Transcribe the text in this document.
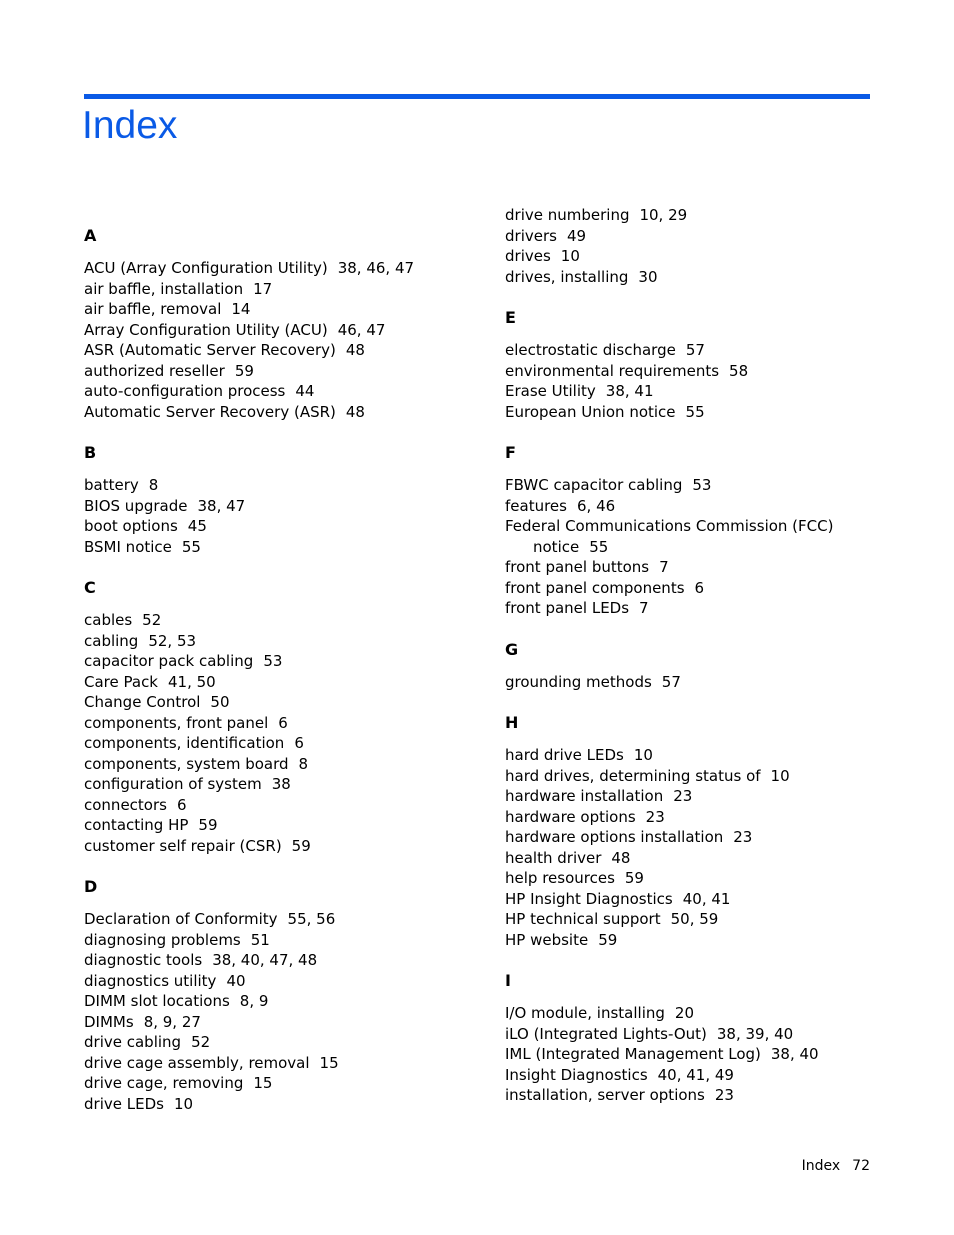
Index
A
ACU (Array Configuration Utility) 38, 46, 47
air baffle, installation 17
air baffle, removal 14
Array Configuration Utility (ACU) 46, 47
ASR (Automatic Server Recovery) 48
authorized reseller 59
auto-configuration process 44
Automatic Server Recovery (ASR) 48
B
battery 8
BIOS upgrade 38, 47
boot options 45
BSMI notice 55
C
cables 52
cabling 52, 53
capacitor pack cabling 53
Care Pack 41, 50
Change Control 50
components, front panel 6
components, identification 6
components, system board 8
configuration of system 38
connectors 6
contacting HP 59
customer self repair (CSR) 59
D
Declaration of Conformity 55, 56
diagnosing problems 51
diagnostic tools 38, 40, 47, 48
diagnostics utility 40
DIMM slot locations 8, 9
DIMMs 8, 9, 27
drive cabling 52
drive cage assembly, removal 15
drive cage, removing 15
drive LEDs 10
drive numbering 10, 29
drivers 49
drives 10
drives, installing 30
E
electrostatic discharge 57
environmental requirements 58
Erase Utility 38, 41
European Union notice 55
F
FBWC capacitor cabling 53
features 6, 46
Federal Communications Commission (FCC)
notice 55
front panel buttons 7
front panel components 6
front panel LEDs 7
G
grounding methods 57
H
hard drive LEDs 10
hard drives, determining status of 10
hardware installation 23
hardware options 23
hardware options installation 23
health driver 48
help resources 59
HP Insight Diagnostics 40, 41
HP technical support 50, 59
HP website 59
I
I/O module, installing 20
iLO (Integrated Lights-Out) 38, 39, 40
IML (Integrated Management Log) 38, 40
Insight Diagnostics 40, 41, 49
installation, server options 23
Index 72
